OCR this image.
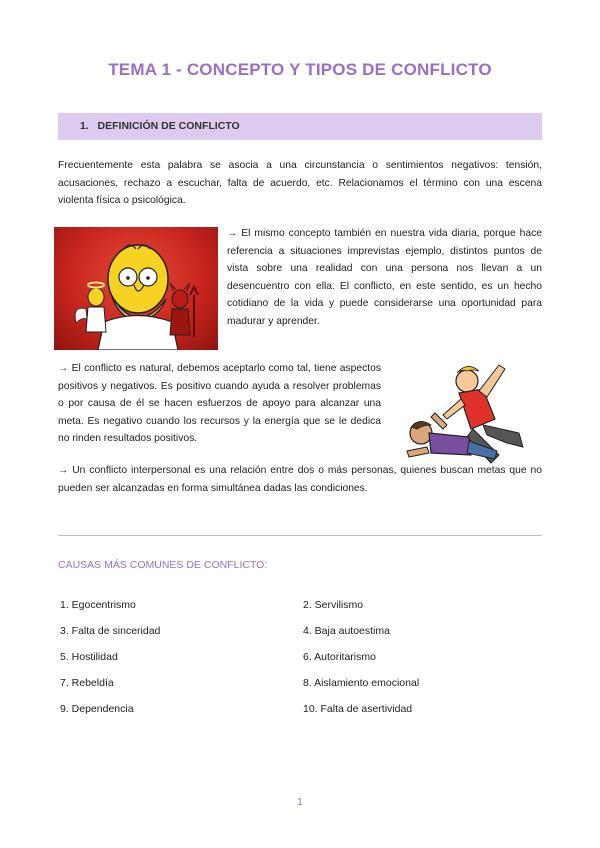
TEMA 1 - CONCEPTO Y TIPOS DE CONFLICTO
1. DEFINICIÓN DE CONFLICTO
Frecuentemente esta palabra se asocia a una circunstancia o sentimientos negativos: tensión, acusaciones, rechazo a escuchar, falta de acuerdo, etc. Relacionamos el término con una escena violenta física o psicológica.
→ El mismo concepto también en nuestra vida diaria, porque hace referencia a situaciones imprevistas ejemplo, distintos puntos de vista sobre una realidad con una persona nos llevan a un desencuentro con ella. El conflicto, en este sentido, es un hecho cotidiano de la vida y puede considerarse una oportunidad para madurar y aprender.
→ El conflicto es natural, debemos aceptarlo como tal, tiene aspectos positivos y negativos. Es positivo cuando ayuda a resolver problemas o por causa de él se hacen esfuerzos de apoyo para alcanzar una meta. Es negativo cuando los recursos y la energía que se le dedica no rinden resultados positivos.
→ Un conflicto interpersonal es una relación entre dos o más personas, quienes buscan metas que no pueden ser alcanzadas en forma simultánea dadas las condiciones.
CAUSAS MÁS COMUNES DE CONFLICTO:
1. Egocentrismo
3. Falta de sinceridad
5. Hostilidad
7. Rebeldía
9. Dependencia
2. Servilismo
4. Baja autoestima
6. Autoritarismo
8. Aislamiento emocional
10. Falta de asertividad
1
